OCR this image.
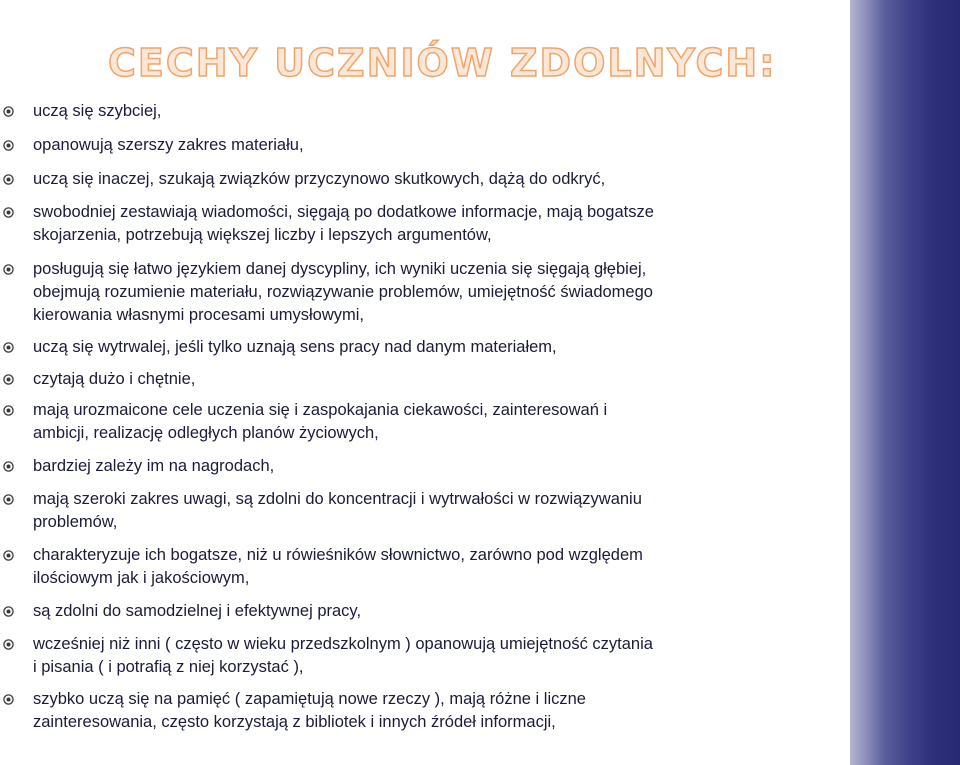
CECHY UCZNIÓW ZDOLNYCH:
uczą się szybciej,
opanowują szerszy zakres materiału,
uczą się inaczej, szukają związków przyczynowo skutkowych, dążą do odkryć,
swobodniej zestawiają wiadomości, sięgają po dodatkowe informacje, mają bogatsze
skojarzenia, potrzebują większej liczby i lepszych argumentów,
posługują się łatwo językiem danej dyscypliny, ich wyniki uczenia się sięgają głębiej,
obejmują rozumienie materiału, rozwiązywanie problemów, umiejętność świadomego
kierowania własnymi procesami umysłowymi,
uczą się wytrwalej, jeśli tylko uznają sens pracy nad danym materiałem,
czytają dużo i chętnie,
mają urozmaicone cele uczenia się i zaspokajania ciekawości, zainteresowań i
ambicji, realizację odległych planów życiowych,
bardziej zależy im na nagrodach,
mają szeroki zakres uwagi, są zdolni do koncentracji i wytrwałości w rozwiązywaniu
problemów,
charakteryzuje ich bogatsze, niż u rówieśników słownictwo, zarówno pod względem
ilościowym jak i jakościowym,
są zdolni do samodzielnej i efektywnej pracy,
wcześniej niż inni ( często w wieku przedszkolnym ) opanowują umiejętność czytania
i pisania ( i potrafią z niej korzystać ),
szybko uczą się na pamięć ( zapamiętują nowe rzeczy ), mają różne i liczne
zainteresowania, często korzystają z bibliotek i innych źródeł informacji,
